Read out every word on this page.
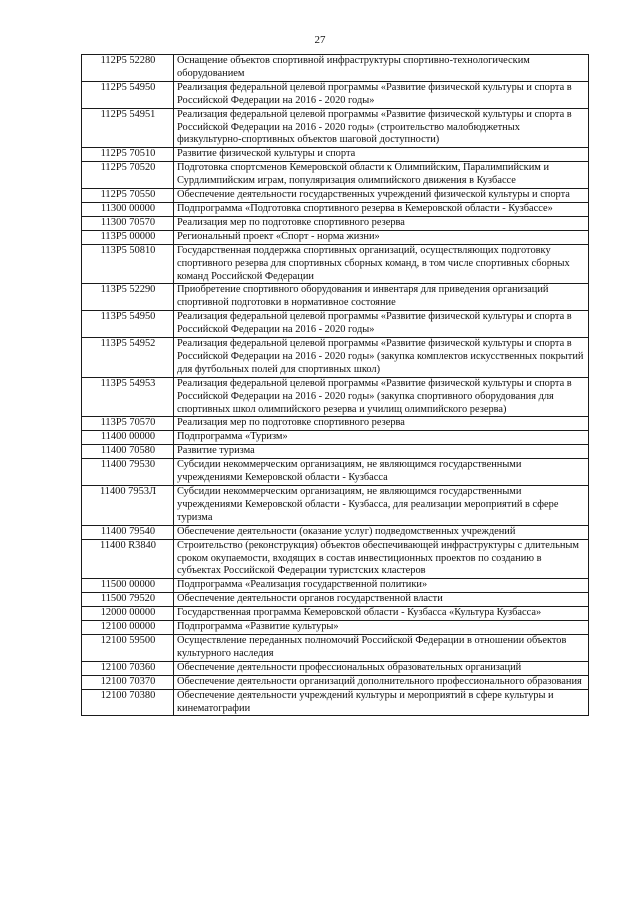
27
112P5 52280	Оснащение объектов спортивной инфраструктуры спортивно-технологическим оборудованием
112P5 54950	Реализация федеральной целевой программы «Развитие физической культуры и спорта в Российской Федерации на 2016 - 2020 годы»
112P5 54951	Реализация федеральной целевой программы «Развитие физической культуры и спорта в Российской Федерации на 2016 - 2020 годы» (строительство малобюджетных физкультурно-спортивных объектов шаговой доступности)
112P5 70510	Развитие физической культуры и спорта
112P5 70520	Подготовка спортсменов Кемеровской области к Олимпийским, Паралимпийским и Сурдлимпийским играм, популяризация олимпийского движения в Кузбассе
112P5 70550	Обеспечение деятельности государственных учреждений физической культуры и спорта
11300 00000	Подпрограмма «Подготовка спортивного резерва в Кемеровской области - Кузбассе»
11300 70570	Реализация мер по подготовке спортивного резерва
113P5 00000	Региональный проект «Спорт - норма жизни»
113P5 50810	Государственная поддержка спортивных организаций, осуществляющих подготовку спортивного резерва для спортивных сборных команд, в том числе спортивных сборных команд Российской Федерации
113P5 52290	Приобретение спортивного оборудования и инвентаря для приведения организаций спортивной подготовки в нормативное состояние
113P5 54950	Реализация федеральной целевой программы «Развитие физической культуры и спорта в Российской Федерации на 2016 - 2020 годы»
113P5 54952	Реализация федеральной целевой программы «Развитие физической культуры и спорта в Российской Федерации на 2016 - 2020 годы» (закупка комплектов искусственных покрытий для футбольных полей для спортивных школ)
113P5 54953	Реализация федеральной целевой программы «Развитие физической культуры и спорта в Российской Федерации на 2016 - 2020 годы» (закупка спортивного оборудования для спортивных школ олимпийского резерва и училищ олимпийского резерва)
113P5 70570	Реализация мер по подготовке спортивного резерва
11400 00000	Подпрограмма «Туризм»
11400 70580	Развитие туризма
11400 79530	Субсидии некоммерческим организациям, не являющимся государственными учреждениями Кемеровской области - Кузбасса
11400 7953Л	Субсидии некоммерческим организациям, не являющимся государственными учреждениями Кемеровской области - Кузбасса, для реализации мероприятий в сфере туризма
11400 79540	Обеспечение деятельности (оказание услуг) подведомственных учреждений
11400 R3840	Строительство (реконструкция) объектов обеспечивающей инфраструктуры с длительным сроком окупаемости, входящих в состав инвестиционных проектов по созданию в субъектах Российской Федерации туристских кластеров
11500 00000	Подпрограмма «Реализация государственной политики»
11500 79520	Обеспечение деятельности органов государственной власти
12000 00000	Государственная программа Кемеровской области - Кузбасса «Культура Кузбасса»
12100 00000	Подпрограмма «Развитие культуры»
12100 59500	Осуществление переданных полномочий Российской Федерации в отношении объектов культурного наследия
12100 70360	Обеспечение деятельности профессиональных образовательных организаций
12100 70370	Обеспечение деятельности организаций дополнительного профессионального образования
12100 70380	Обеспечение деятельности учреждений культуры и мероприятий в сфере культуры и кинематографии
